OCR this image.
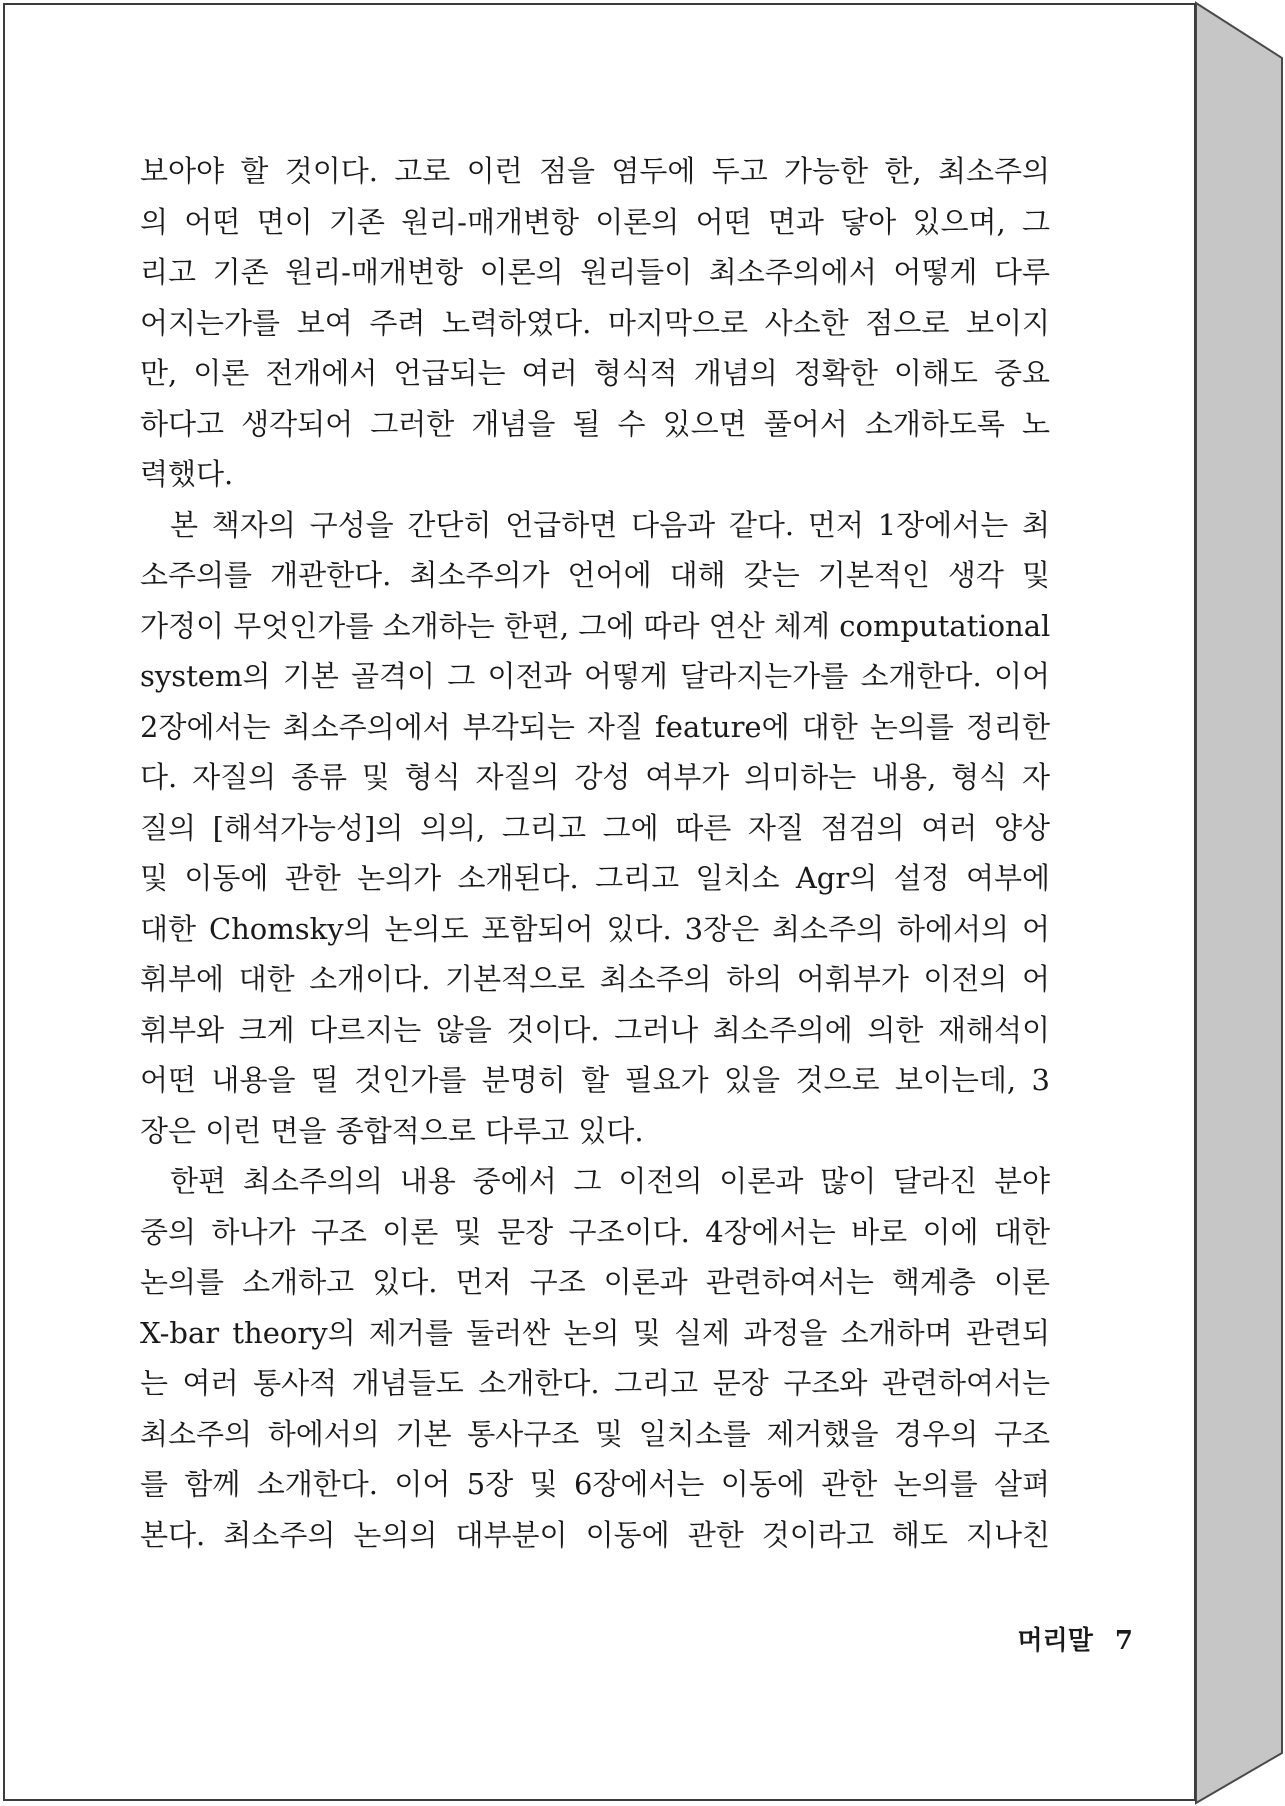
보아야 할 것이다. 고로 이런 점을 염두에 두고 가능한 한, 최소주의
의 어떤 면이 기존 원리-매개변항 이론의 어떤 면과 닿아 있으며, 그
리고 기존 원리-매개변항 이론의 원리들이 최소주의에서 어떻게 다루
어지는가를 보여 주려 노력하였다. 마지막으로 사소한 점으로 보이지
만, 이론 전개에서 언급되는 여러 형식적 개념의 정확한 이해도 중요
하다고 생각되어 그러한 개념을 될 수 있으면 풀어서 소개하도록 노
력했다.
본 책자의 구성을 간단히 언급하면 다음과 같다. 먼저 1장에서는 최
소주의를 개관한다. 최소주의가 언어에 대해 갖는 기본적인 생각 및
가정이 무엇인가를 소개하는 한편, 그에 따라 연산 체계 computational
system의 기본 골격이 그 이전과 어떻게 달라지는가를 소개한다. 이어
2장에서는 최소주의에서 부각되는 자질 feature에 대한 논의를 정리한
다. 자질의 종류 및 형식 자질의 강성 여부가 의미하는 내용, 형식 자
질의 [해석가능성]의 의의, 그리고 그에 따른 자질 점검의 여러 양상
및 이동에 관한 논의가 소개된다. 그리고 일치소 Agr의 설정 여부에
대한 Chomsky의 논의도 포함되어 있다. 3장은 최소주의 하에서의 어
휘부에 대한 소개이다. 기본적으로 최소주의 하의 어휘부가 이전의 어
휘부와 크게 다르지는 않을 것이다. 그러나 최소주의에 의한 재해석이
어떤 내용을 띨 것인가를 분명히 할 필요가 있을 것으로 보이는데, 3
장은 이런 면을 종합적으로 다루고 있다.
한편 최소주의의 내용 중에서 그 이전의 이론과 많이 달라진 분야
중의 하나가 구조 이론 및 문장 구조이다. 4장에서는 바로 이에 대한
논의를 소개하고 있다. 먼저 구조 이론과 관련하여서는 핵계층 이론
X-bar theory의 제거를 둘러싼 논의 및 실제 과정을 소개하며 관련되
는 여러 통사적 개념들도 소개한다. 그리고 문장 구조와 관련하여서는
최소주의 하에서의 기본 통사구조 및 일치소를 제거했을 경우의 구조
를 함께 소개한다. 이어 5장 및 6장에서는 이동에 관한 논의를 살펴
본다. 최소주의 논의의 대부분이 이동에 관한 것이라고 해도 지나친
머리말 7
